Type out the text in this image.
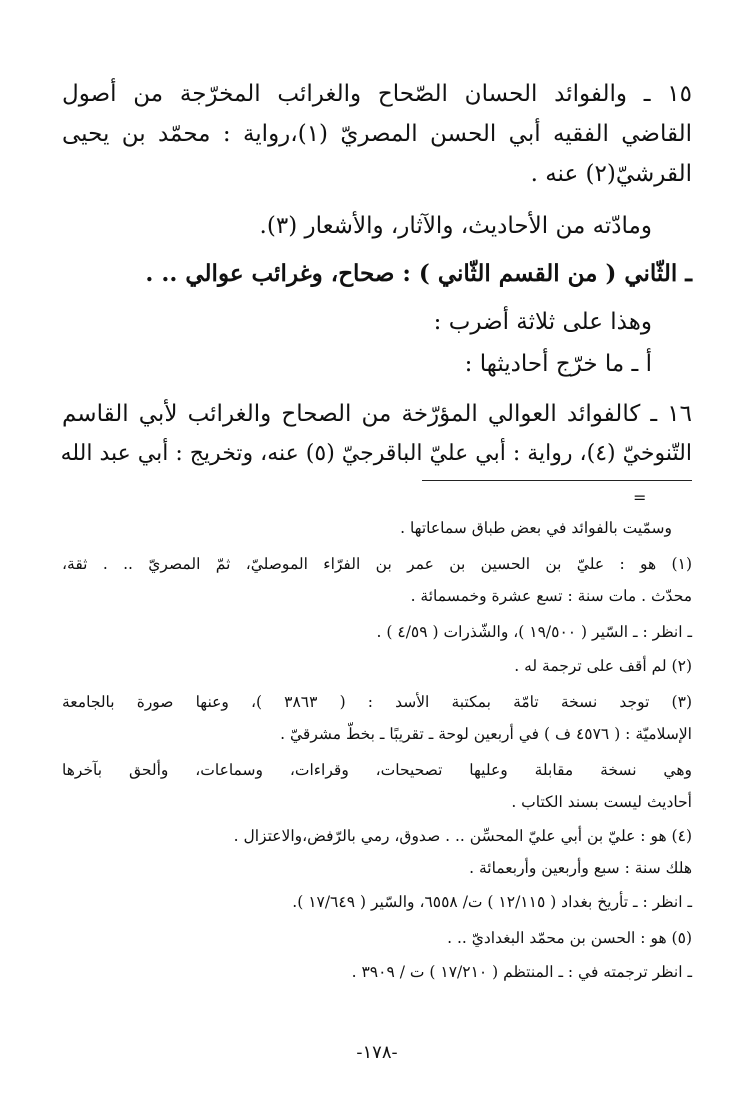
١٥ ـ والفوائد الحسان الصّحاح والغرائب المخرّجة من أصول
القاضي الفقيه أبي الحسن المصريّ (١)،رواية : محمّد بن يحيى
القرشيّ(٢) عنه .
ومادّته من الأحاديث، والآثار، والأشعار (٣).
ـ الثّاني ( من القسم الثّاني ) : صحاح، وغرائب عوالي .. .
وهذا على ثلاثة أضرب :
أ ـ ما خرّج أحاديثها :
١٦ ـ كالفوائد العوالي المؤرّخة من الصحاح والغرائب لأبي القاسم
التّنوخيّ (٤)، رواية : أبي عليّ الباقرجيّ (٥) عنه، وتخريج : أبي عبد الله
=
وسمّيت بالفوائد في بعض طباق سماعاتها .
(١) هو : عليّ بن الحسين بن عمر بن الفرّاء الموصليّ، ثمّ المصريّ .. . ثقة،
محدّث . مات سنة : تسع عشرة وخمسمائة .
ـ انظر : ـ السّير ( ١٩/٥٠٠ )، والشّذرات ( ٤/٥٩ ) .
(٢) لم أقف على ترجمة له .
(٣) توجد نسخة تامّة بمكتبة الأسد : ( ٣٨٦٣ )، وعنها صورة بالجامعة
الإسلاميّة : ( ٤٥٧٦ ف ) في أربعين لوحة ـ تقريبًا ـ بخطّ مشرقيّ .
وهي نسخة مقابلة وعليها تصحيحات، وقراءات، وسماعات، وألحق بآخرها
أحاديث ليست بسند الكتاب .
(٤) هو : عليّ بن أبي عليّ المحسِّن .. . صدوق، رمي بالرّفض،والاعتزال .
هلك سنة : سبع وأربعين وأربعمائة .
ـ انظر : ـ تأريخ بغداد ( ١٢/١١٥ ) ت/ ٦٥٥٨، والسّير ( ١٧/٦٤٩ ).
(٥) هو : الحسن بن محمّد البغداديّ .. .
ـ انظر ترجمته في : ـ المنتظم ( ١٧/٢١٠ ) ت / ٣٩٠٩ .
-١٧٨-
